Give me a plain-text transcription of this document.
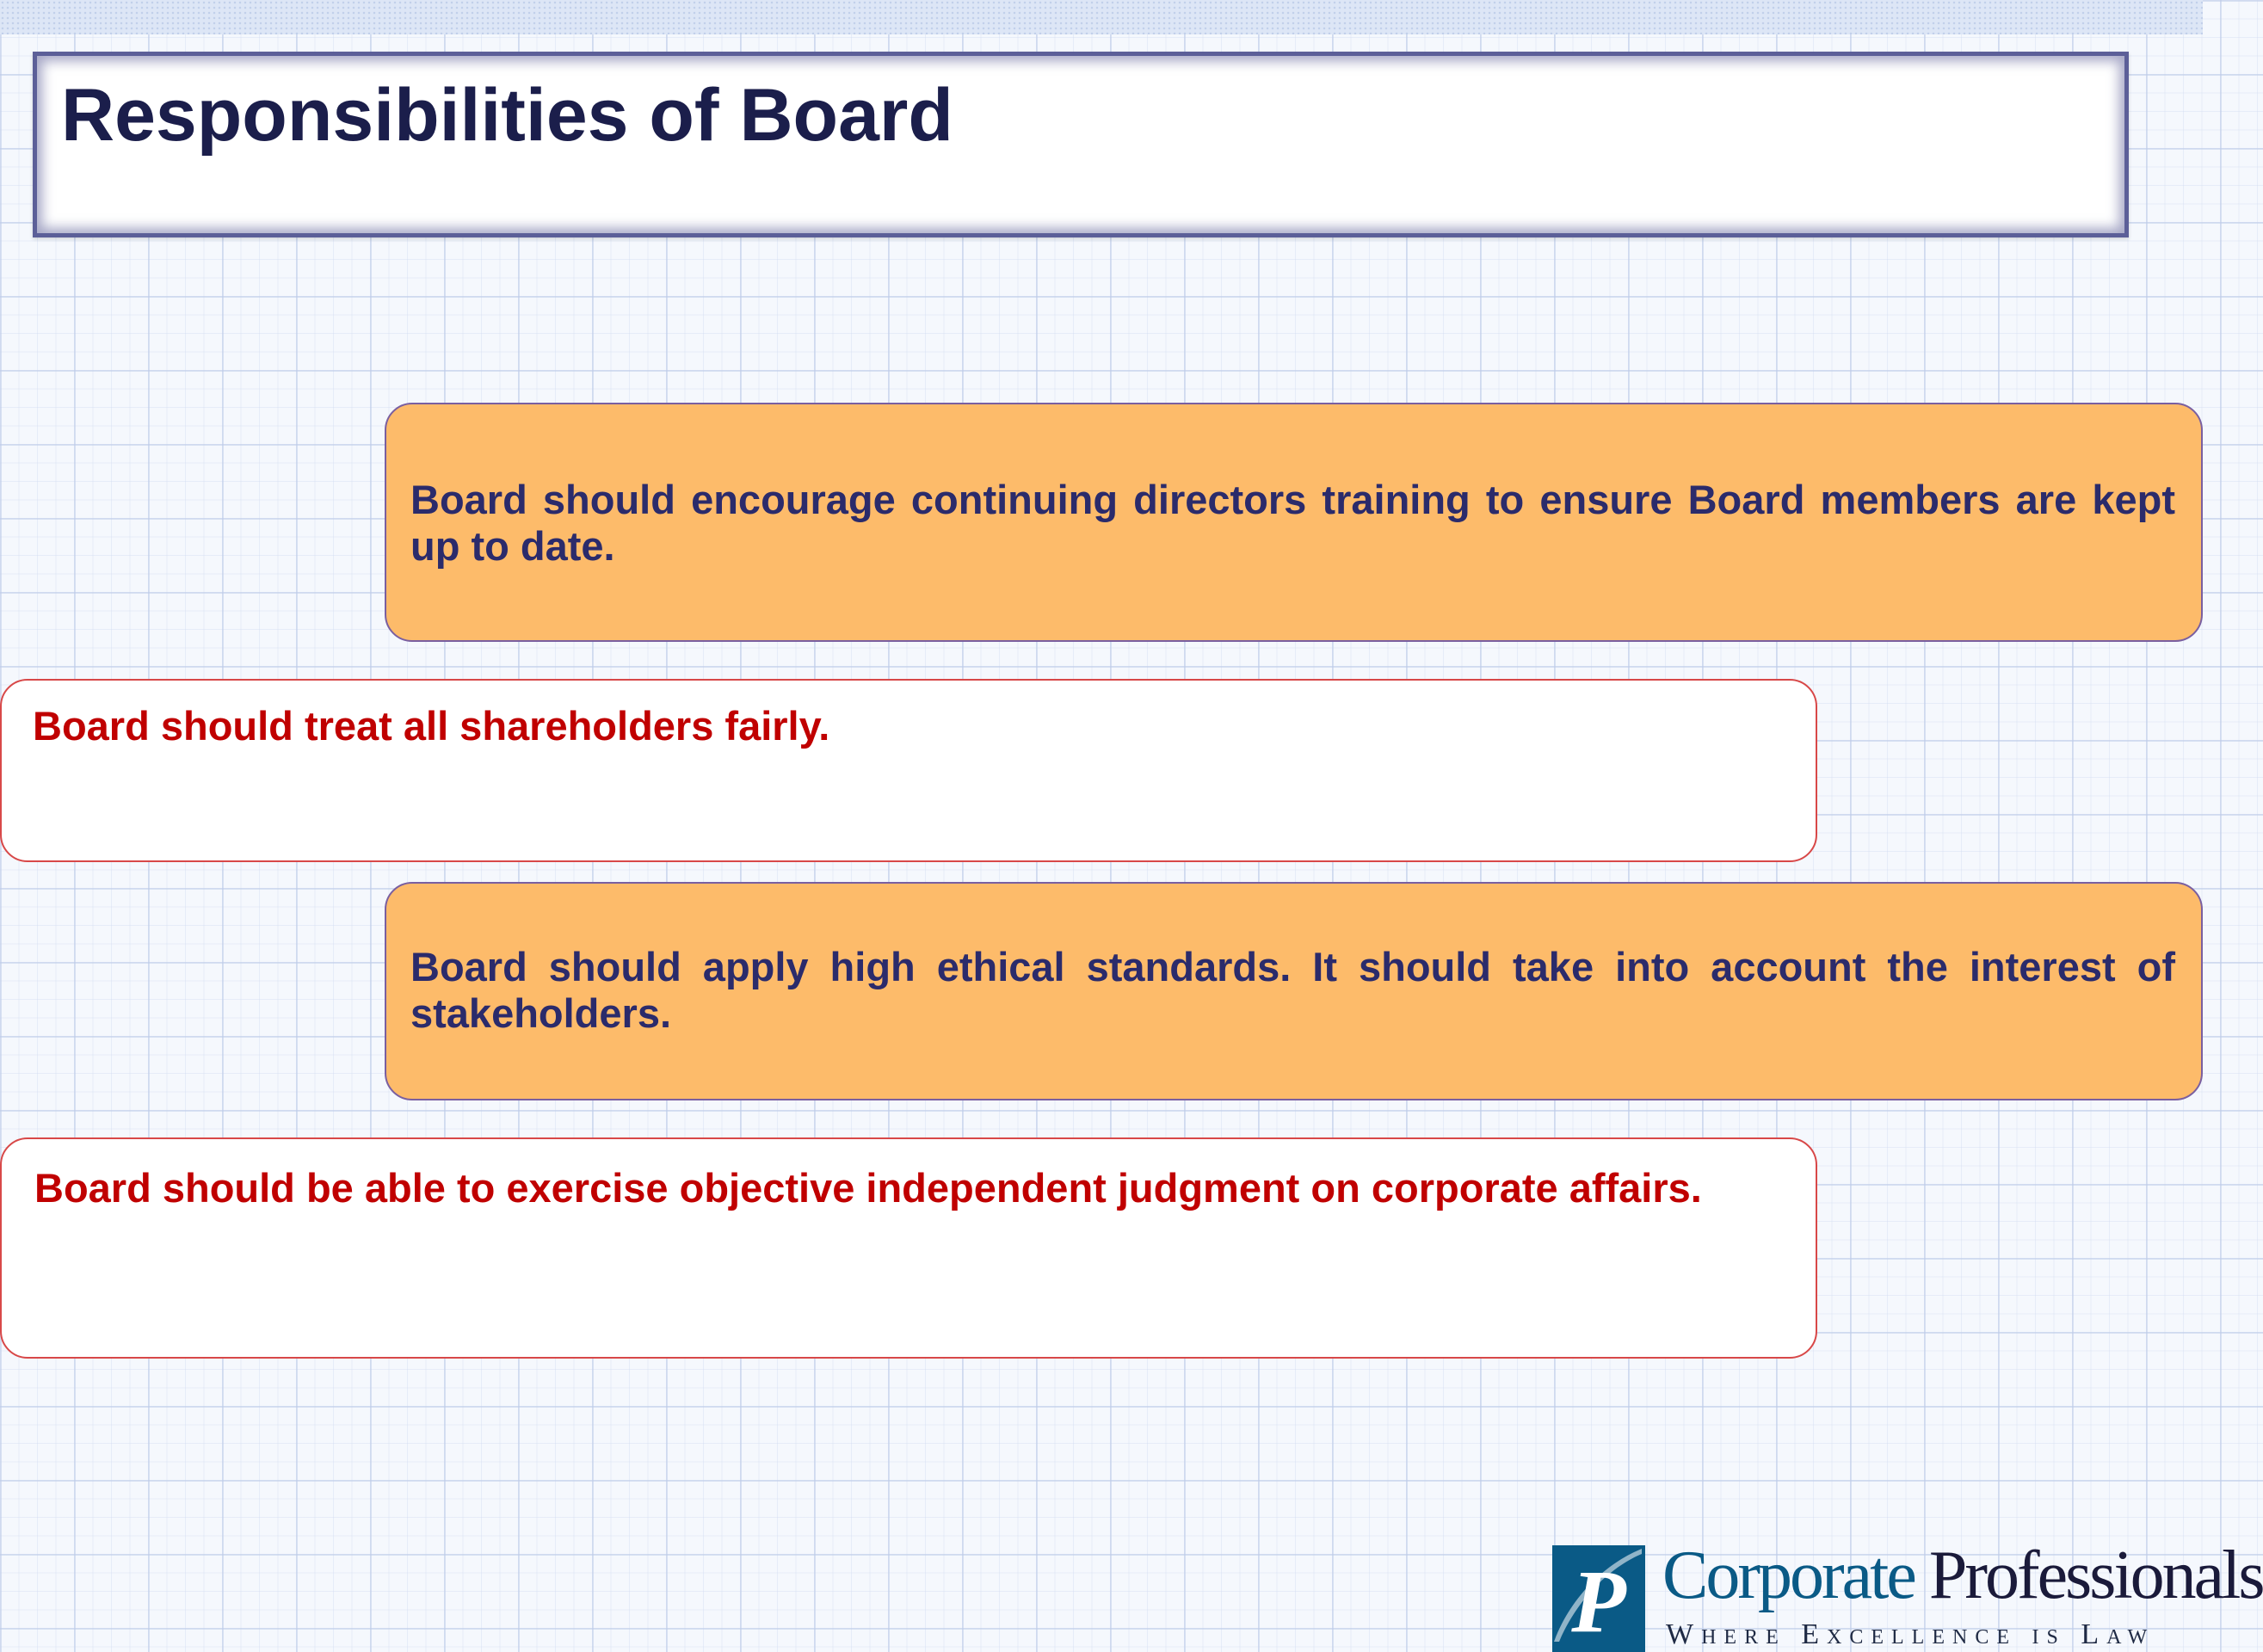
Responsibilities of Board
Board should encourage continuing directors training to ensure Board members are kept up to date.
Board should treat all shareholders fairly.
Board should apply high ethical standards. It should take into account the interest of stakeholders.
Board should be able to exercise objective independent judgment on corporate affairs.
P Corporate Professionals
Where Excellence is Law
